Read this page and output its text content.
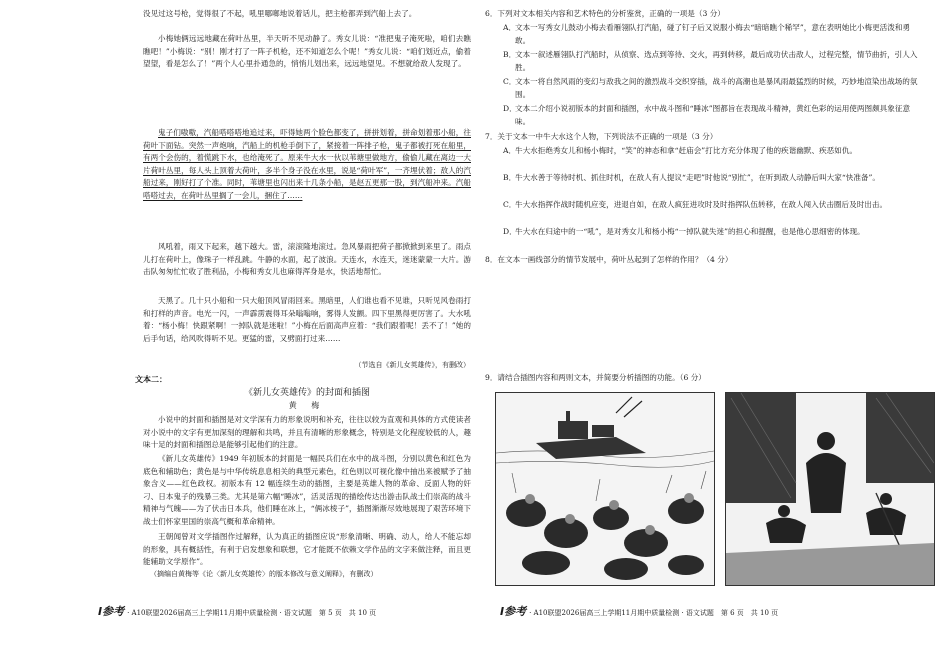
没见过这号枪，觉得很了不起，吼里哪啷地说着话儿，把主枪都弄到汽船上去了。

小梅她俩远远地藏在荷叶丛里，半天听不见动静了。秀女儿说：“准把鬼子淹死啦，咱们去瞧瞧吧！”小梅说：“别！刚才打了一阵子机枪，还不知道怎么个呢！”秀女儿说：“咱们划近点，偷着望望，看是怎么了！”两个人心里扑通急的，悄悄儿划出来，远远地望见。不想就给敌人发现了。

鬼子们嗷嗷，汽船嗒嗒嗒地追过来，吓得她两个脸色都变了，拼拼划着，拼命划着那小船，往荷叶下面钻。突然一声炮响，汽船上的机枪手倒下了，紧接着一阵排子枪，鬼子都被打死在船里，有两个会伤的，着慌跳下水，也给淹死了。原来牛大水一伙以苇塘里做地方，偷偷儿藏在离边一大片荷叶丛里，每人头上顶着大荷叶，多半个身子没在水里，说是“荷叶军”，一齐埋伏着；敌人的汽船过来，刚好打了个准。同时，苇塘里也闪出来十几条小船，是赵五更那一股，到汽船冲来。汽船嗒嗒过去，在荷叶丛里搁了一会儿，捆住了……

风吼着，雨又下起来，越下越大。雷，滚滚隆地滚过。急风暴雨把荷子都掀掀到来里了。雨点儿打在荷叶上，像珠子一样乱跳。牛静的水面，起了波浪。天连水，水连天，迷迷蒙蒙一大片。游击队匆匆忙忙收了胜利品，小梅和秀女儿也麻得浑身是水，快活地帮忙。

天黑了。几十只小船和一只大船顶风冒雨回来。黑暗里，人们谁也看不见谁，只听见风卷雨打和打样的声音。电光一闪，一声霹雳震得耳朵嗡嗡响，雾得人发颤。四下里黑得更厉害了。大水吼着：“杨小梅！快跟紧啊！一掉队就是迷啦！”小梅在后面高声应着：“我们跟着呢！丢不了！”她的后手句话，给风吹得听不见。更猛的雷，又劈面打过来……

（节选自《新儿女英雄传》，有删改）
文本二：
《新儿女英雄传》的封面和插图
黄 梅

小说中的封面和插图是对文学深有力的形象说明和补充，往往以较为直观和具体的方式使读者对小说中的文字有更加深刻的理解和共鸣，并且有清晰的形象概念，特别是文化程度较低的人，趣味十足的封面和插图总是能够引起他们的注意。

《新儿女英雄传》1949 年初版本的封面是一幅民兵们在水中的战斗图，分别以黄色和红色为底色和辅助色；黄色是与中华传统息息相关的典型元素色，红色则以可视化像中抽出来被赋予了抽象含义——红色政权。初版本有 12 幅连续生动的插图，主要是英雄人物的革命、反面人物的奸刁、日本鬼子的残暴三类。尤其是第六幅“睡冰”，活灵活现的描绘传达出游击队战士们崇高的战斗精神与气魄——为了伏击日本兵，他们睡在冰上，“俩冰棱子”，插图渐渐尽效地展现了艰苦环境下战士们怀家里国的崇高气概和革命精神。

王朝闻曾对文学插图作过解释，认为真正的插图应说“形象清晰、明确、动人，给人不能忘却的形象，具有概括性，有利于启发想象和联想，它才能既不依赖文学作品的文字来做注释，而且更能辅助文学原作”。

（摘编自黄梅等《论〈新儿女英雄传〉的版本修改与意义阐释》，有删改）
I参考 · A10联盟2026届高三上学期11月期中质量检测 · 语文试题　第 5 页　共 10 页

6．下列对文本相关内容和艺术特色的分析鉴赏，正确的一项是（3 分）

A．文本一写秀女儿鼓动小梅去看雁翎队打汽船，碰了钉子后又说服小梅去“暗暗瞧个稀罕”，意在表明她比小梅更活泼和勇敢。
B．文本一叙述雁翎队打汽船时，从侦察、选点到等待、交火，再到转移，最后成功伏击敌人，过程完整，情节曲折，引人入胜。
C．文本一将自然风雨的变幻与敌我之间的激烈战斗交织穿插，战斗的高潮也是暴风雨最猛烈的时候，巧妙地渲染出战场的氛围。
D．文本二介绍小说初版本的封面和插图，水中战斗图和“睡冰”图都旨在表现战斗精神，黄红色彩的运用使两图颇具象征意味。

7．关于文本一中牛大水这个人物，下列说法不正确的一项是（3 分）

A．牛大水拒绝秀女儿和杨小梅时，“笑”的神态和拿“赶庙会”打比方充分体现了他的疾谐幽默、疾恶如仇。
B．牛大水善于等待时机、抓住时机，在敌人有人提议“走吧”时他说“别忙”，在听到敌人动静后叫大家“快准备”。
C．牛大水指挥作战时随机应变，进退自如，在敌人疯狂进攻时及时指挥队伍转移，在敌人闯入伏击圈后及时出击。
D．牛大水在归途中的一“吼”，是对秀女儿和杨小梅“一掉队就失迷”的担心和提醒，也是他心思细密的体现。

8．在文本一画线部分的情节发展中，荷叶丛起到了怎样的作用？（4 分）

9．请结合插图内容和两则文本，并简要分析插图的功能。（6 分）

I参考 · A10联盟2026届高三上学期11月期中质量检测 · 语文试题　第 6 页　共 10 页
